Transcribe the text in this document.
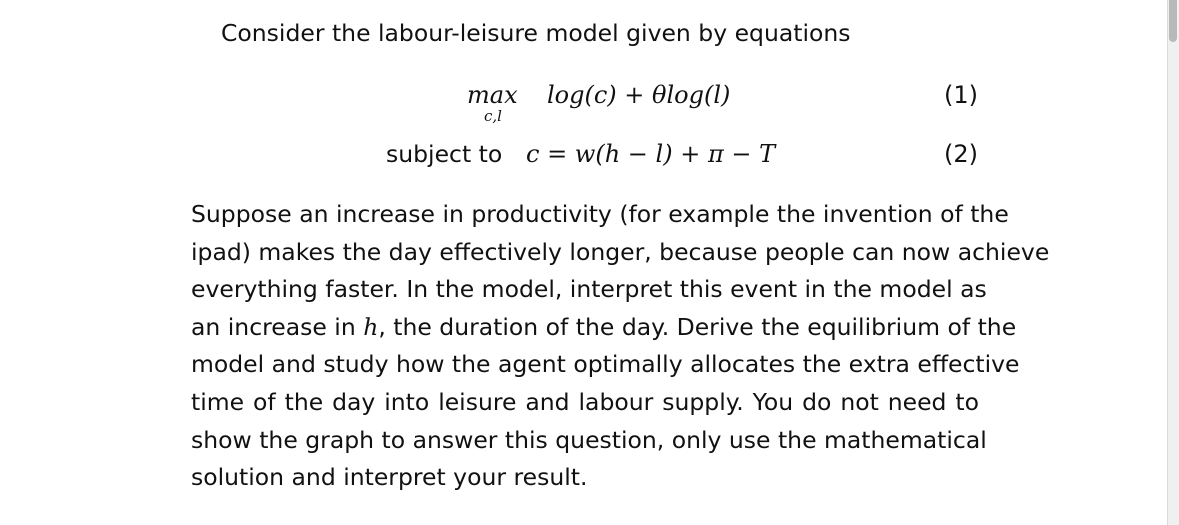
Consider the labour-leisure model given by equations

max
c,l
log(c) + θlog(l)	(1)
subject to c = w(h − l) + π − T	(2)
Suppose an increase in productivity (for example the invention of the
ipad) makes the day effectively longer, because people can now achieve
everything faster. In the model, interpret this event in the model as
an increase in h, the duration of the day. Derive the equilibrium of the
model and study how the agent optimally allocates the extra effective
time of the day into leisure and labour supply. You do not need to
show the graph to answer this question, only use the mathematical
solution and interpret your result.
